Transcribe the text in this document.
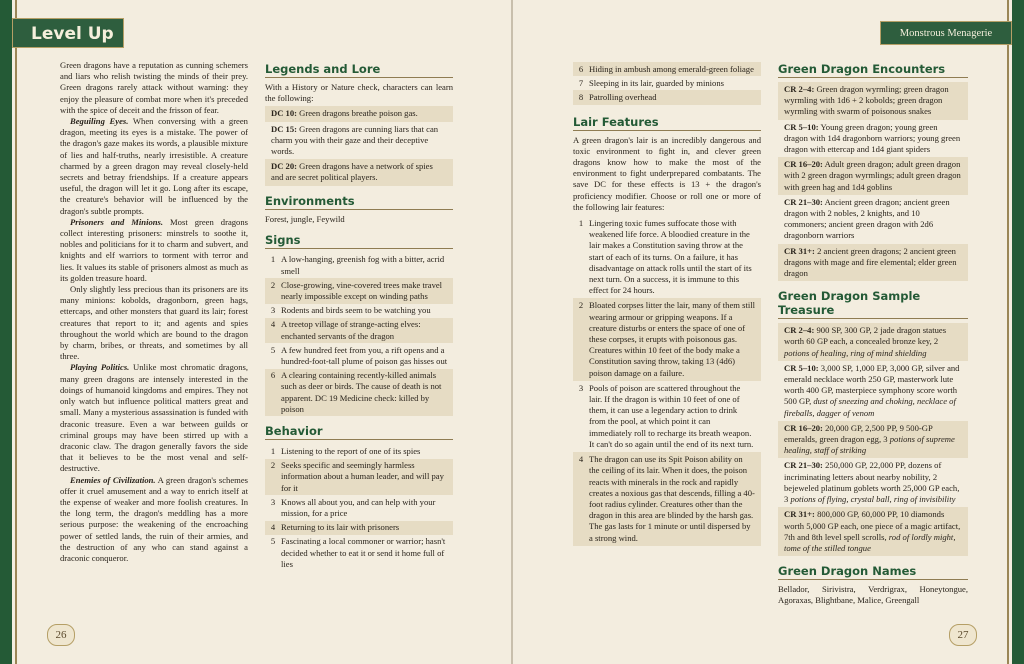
Level Up

Green dragons have a reputation as cunning schemers and liars who relish twisting the minds of their prey. Green dragons rarely attack without warning: they enjoy the pleasure of combat more when it's preceded with the spice of deceit and the frisson of fear.

Beguiling Eyes. When conversing with a green dragon, meeting its eyes is a mistake. The power of the dragon's gaze makes its words, a plausible mixture of lies and half-truths, nearly irresistible. A creature charmed by a green dragon may reveal closely-held secrets and betray friendships. If a creature appears useful, the dragon will let it go. Long after its escape, the creature's behavior will be influenced by the dragon's subtle prompts.

Prisoners and Minions. Most green dragons collect interesting prisoners: minstrels to soothe it, nobles and politicians for it to charm and subvert, and knights and elf warriors to torment with terror and lies. It values its stable of prisoners almost as much as its golden treasure hoard.

Only slightly less precious than its prisoners are its many minions: kobolds, dragonborn, green hags, ettercaps, and other monsters that guard its lair; forest creatures that report to it; and agents and spies throughout the world which are bound to the dragon by charm, bribes, or threats, and sometimes by all three.

Playing Politics. Unlike most chromatic dragons, many green dragons are intensely interested in the doings of humanoid kingdoms and empires. They not only watch but influence political matters great and small. Many a mysterious assassination is funded with draconic treasure. Even a war between guilds or criminal groups may have been stirred up with a draconic claw. The dragon generally favors the side that it believes to be the most venal and self-destructive.

Enemies of Civilization. A green dragon's schemes offer it cruel amusement and a way to enrich itself at the expense of weaker and more foolish creatures. In the long term, the dragon's meddling has a more serious purpose: the weakening of the encroaching power of settled lands, the ruin of their armies, and the destruction of any who can stand against a draconic conqueror.

Legends and Lore

With a History or Nature check, characters can learn the following:

DC 10: Green dragons breathe poison gas.
DC 15: Green dragons are cunning liars that can charm you with their gaze and their deceptive words.
DC 20: Green dragons have a network of spies and are secret political players.
Environments

Forest, jungle, Feywild

Signs
1 A low-hanging, greenish fog with a bitter, acrid smell
2 Close-growing, vine-covered trees make travel nearly impossible except on winding paths
3 Rodents and birds seem to be watching you
4 A treetop village of strange-acting elves: enchanted servants of the dragon
5 A few hundred feet from you, a rift opens and a hundred-foot-tall plume of poison gas hisses out
6 A clearing containing recently-killed animals such as deer or birds. The cause of death is not apparent. DC 19 Medicine check: killed by poison
Behavior
1 Listening to the report of one of its spies
2 Seeks specific and seemingly harmless information about a human leader, and will pay for it
3 Knows all about you, and can help with your mission, for a price
4 Returning to its lair with prisoners
5 Fascinating a local commoner or warrior; hasn't decided whether to eat it or send it home full of lies
26
Monstrous Menagerie
6 Hiding in ambush among emerald-green foliage
7 Sleeping in its lair, guarded by minions
8 Patrolling overhead
Lair Features

A green dragon's lair is an incredibly dangerous and toxic environment to fight in, and clever green dragons know how to make the most of the environment to fight underprepared combatants. The save DC for these effects is 13 + the dragon's proficiency modifier. Choose or roll one or more of the following lair features:

1 Lingering toxic fumes suffocate those with weakened life force. A bloodied creature in the lair makes a Constitution saving throw at the start of each of its turns. On a failure, it has disadvantage on attack rolls until the start of its next turn. On a success, it is immune to this effect for 24 hours.
2 Bloated corpses litter the lair, many of them still wearing armour or gripping weapons. If a creature disturbs or enters the space of one of these corpses, it erupts with poisonous gas. Creatures within 10 feet of the body make a Constitution saving throw, taking 13 (4d6) poison damage on a failure.
3 Pools of poison are scattered throughout the lair. If the dragon is within 10 feet of one of them, it can use a legendary action to drink from the pool, at which point it can immediately roll to recharge its breath weapon. It can't do so again until the end of its next turn.
4 The dragon can use its Spit Poison ability on the ceiling of its lair. When it does, the poison reacts with minerals in the rock and rapidly creates a noxious gas that descends, filling a 40-foot radius cylinder. Creatures other than the dragon in this area are blinded by the harsh gas. The gas lasts for 1 minute or until dispersed by a strong wind.
Green Dragon Encounters
CR 2–4: Green dragon wyrmling; green dragon wyrmling with 1d6 + 2 kobolds; green dragon wyrmling with swarm of poisonous snakes
CR 5–10: Young green dragon; young green dragon with 1d4 dragonborn warriors; young green dragon with ettercap and 1d4 giant spiders
CR 16–20: Adult green dragon; adult green dragon with 2 green dragon wyrmlings; adult green dragon with green hag and 1d4 goblins
CR 21–30: Ancient green dragon; ancient green dragon with 2 nobles, 2 knights, and 10 commoners; ancient green dragon with 2d6 dragonborn warriors
CR 31+: 2 ancient green dragons; 2 ancient green dragons with mage and fire elemental; elder green dragon
Green Dragon Sample Treasure
CR 2–4: 900 SP, 300 GP, 2 jade dragon statues worth 60 GP each, a concealed bronze key, 2 potions of healing, ring of mind shielding
CR 5–10: 3,000 SP, 1,000 EP, 3,000 GP, silver and emerald necklace worth 250 GP, masterwork lute worth 400 GP, masterpiece symphony score worth 500 GP, dust of sneezing and choking, necklace of fireballs, dagger of venom
CR 16–20: 20,000 GP, 2,500 PP, 9 500-GP emeralds, green dragon egg, 3 potions of supreme healing, staff of striking
CR 21–30: 250,000 GP, 22,000 PP, dozens of incriminating letters about nearby nobility, 2 bejeweled platinum goblets worth 25,000 GP each, 3 potions of flying, crystal ball, ring of invisibility
CR 31+: 800,000 GP, 60,000 PP, 10 diamonds worth 5,000 GP each, one piece of a magic artifact, 7th and 8th level spell scrolls, rod of lordly might, tome of the stilled tongue
Green Dragon Names

Bellador, Sirivistra, Verdrigrax, Honeytongue, Agoraxas, Blightbane, Malice, Greengall

27
